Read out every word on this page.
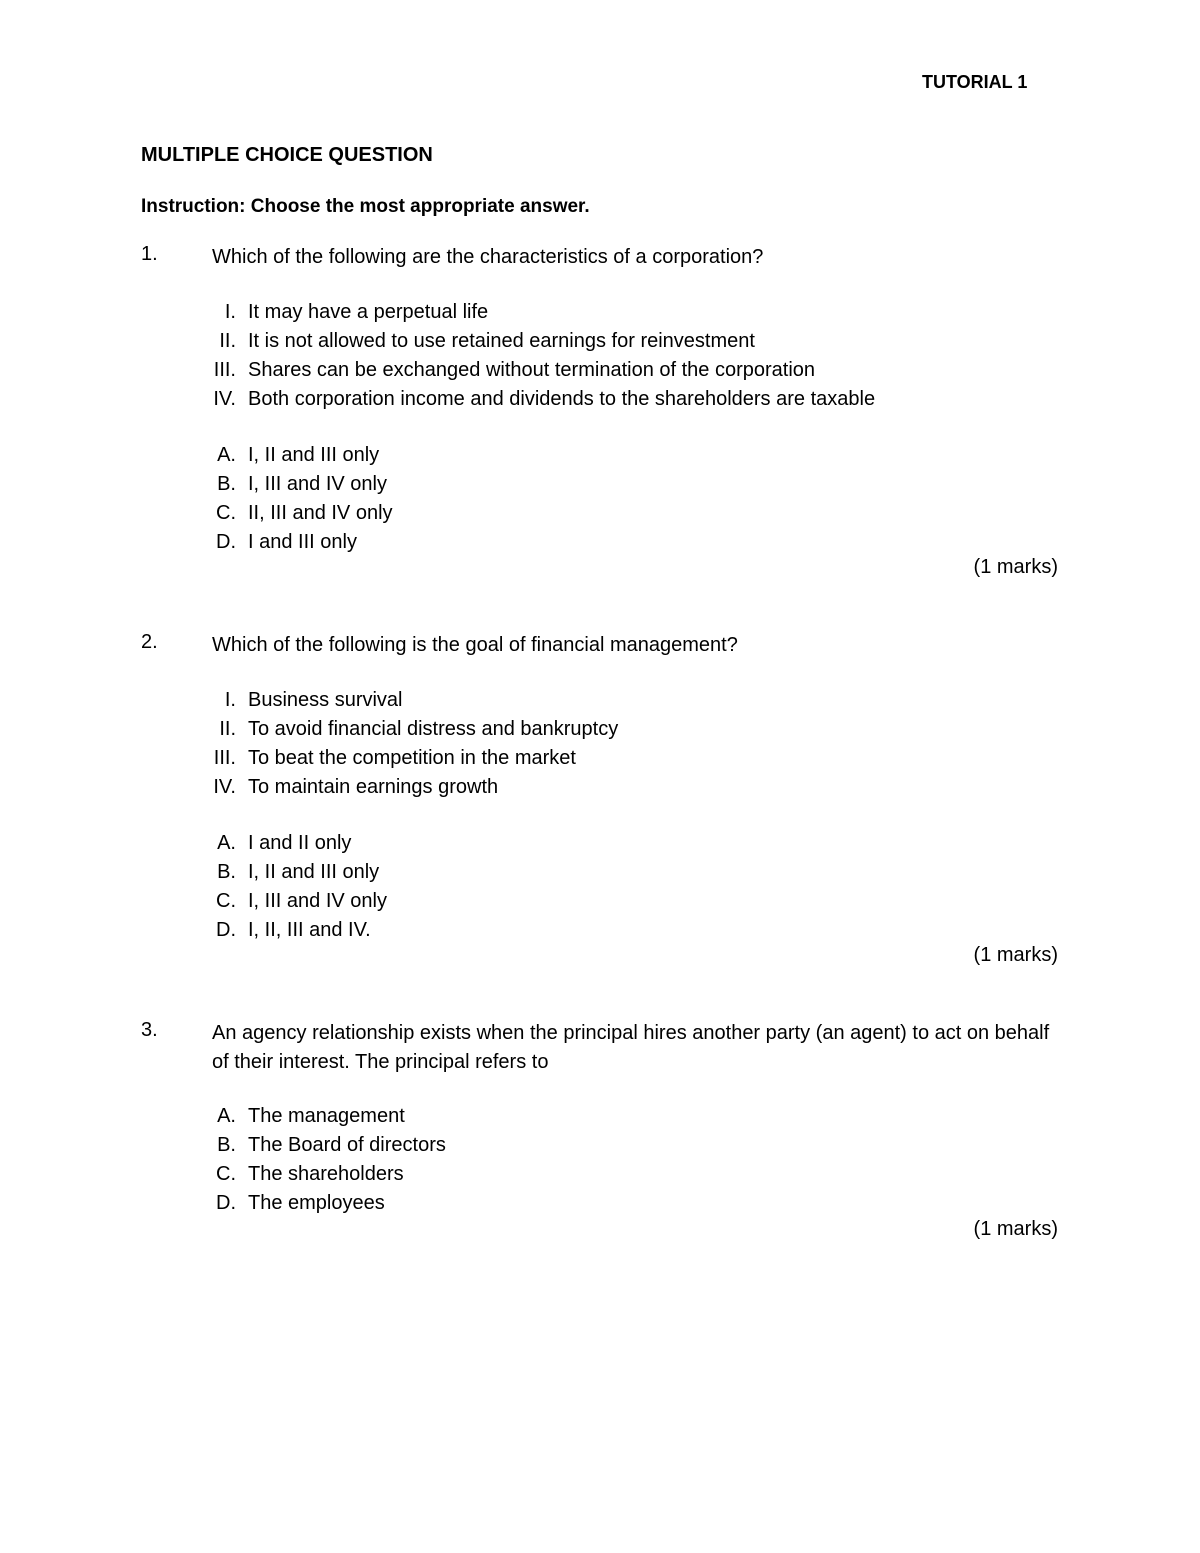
TUTORIAL 1
MULTIPLE CHOICE QUESTION
Instruction: Choose the most appropriate answer.
1.	Which of the following are the characteristics of a corporation?
I. It may have a perpetual life
II. It is not allowed to use retained earnings for reinvestment
III. Shares can be exchanged without termination of the corporation
IV. Both corporation income and dividends to the shareholders are taxable
A. I, II and III only
B. I, III and IV only
C. II, III and IV only
D. I and III only
(1 marks)
2.	Which of the following is the goal of financial management?
I. Business survival
II. To avoid financial distress and bankruptcy
III. To beat the competition in the market
IV. To maintain earnings growth
A. I and II only
B. I, II and III only
C. I, III and IV only
D. I, II, III and IV.
(1 marks)
3.	An agency relationship exists when the principal hires another party (an agent) to act on behalf of their interest. The principal refers to
A. The management
B. The Board of directors
C. The shareholders
D. The employees
(1 marks)
